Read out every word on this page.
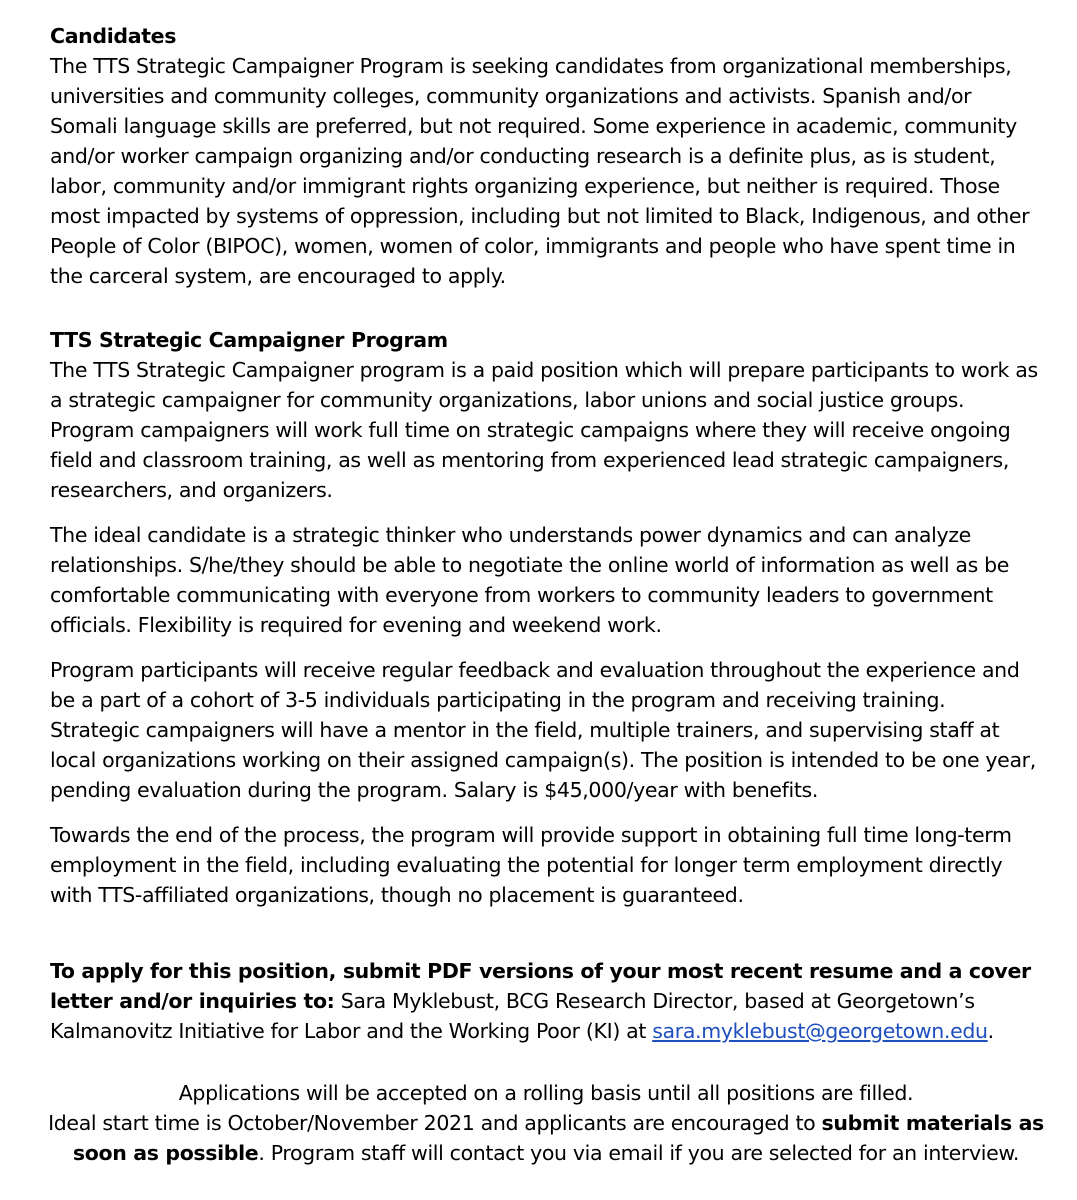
Candidates

The TTS Strategic Campaigner Program is seeking candidates from organizational memberships, universities and community colleges, community organizations and activists. Spanish and/or Somali language skills are preferred, but not required. Some experience in academic, community and/or worker campaign organizing and/or conducting research is a definite plus, as is student, labor, community and/or immigrant rights organizing experience, but neither is required. Those most impacted by systems of oppression, including but not limited to Black, Indigenous, and other People of Color (BIPOC), women, women of color, immigrants and people who have spent time in the carceral system, are encouraged to apply.

TTS Strategic Campaigner Program

The TTS Strategic Campaigner program is a paid position which will prepare participants to work as a strategic campaigner for community organizations, labor unions and social justice groups. Program campaigners will work full time on strategic campaigns where they will receive ongoing field and classroom training, as well as mentoring from experienced lead strategic campaigners, researchers, and organizers.

The ideal candidate is a strategic thinker who understands power dynamics and can analyze relationships. S/he/they should be able to negotiate the online world of information as well as be comfortable communicating with everyone from workers to community leaders to government officials. Flexibility is required for evening and weekend work.

Program participants will receive regular feedback and evaluation throughout the experience and be a part of a cohort of 3-5 individuals participating in the program and receiving training. Strategic campaigners will have a mentor in the field, multiple trainers, and supervising staff at local organizations working on their assigned campaign(s). The position is intended to be one year, pending evaluation during the program. Salary is $45,000/year with benefits.

Towards the end of the process, the program will provide support in obtaining full time long-term employment in the field, including evaluating the potential for longer term employment directly with TTS-affiliated organizations, though no placement is guaranteed.

To apply for this position, submit PDF versions of your most recent resume and a cover letter and/or inquiries to: Sara Myklebust, BCG Research Director, based at Georgetown’s Kalmanovitz Initiative for Labor and the Working Poor (KI) at sara.myklebust@georgetown.edu.

Applications will be accepted on a rolling basis until all positions are filled.

Ideal start time is October/November 2021 and applicants are encouraged to submit materials as soon as possible. Program staff will contact you via email if you are selected for an interview.
